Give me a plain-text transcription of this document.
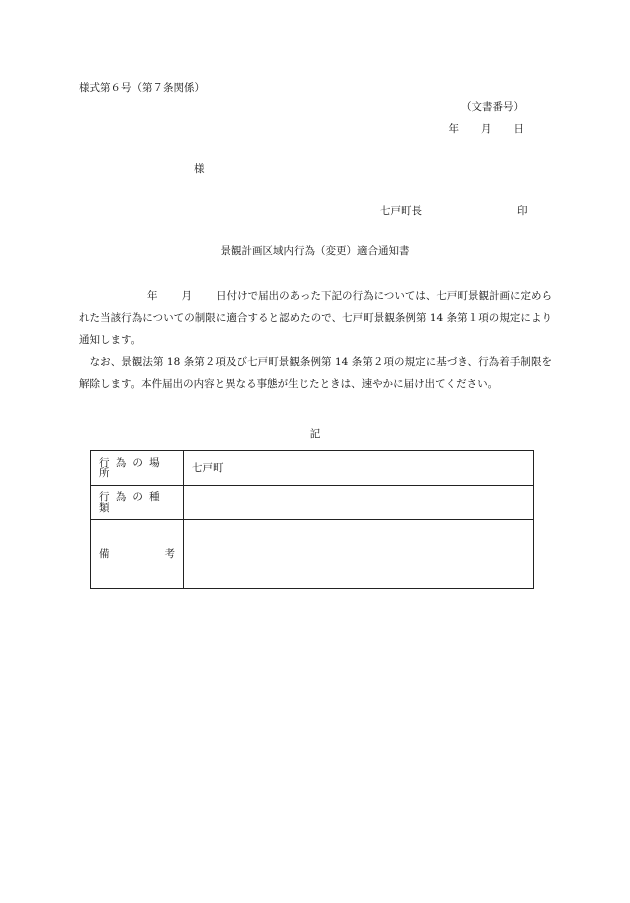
様式第６号（第７条関係）
（文書番号）
年 月 日
様
七戸町長	印
景観計画区域内行為（変更）適合通知書

年 月 日付けで届出のあった下記の行為については、七戸町景観計画に定められた当該行為についての制限に適合すると認めたので、七戸町景観条例第 14 条第１項の規定により通知します。

　なお、景観法第 18 条第２項及び七戸町景観条例第 14 条第２項の規定に基づき、行為着手制限を解除します。本件届出の内容と異なる事態が生じたときは、速やかに届け出てください。

記
行為の場所	七戸町
行為の種類	

備 考	
